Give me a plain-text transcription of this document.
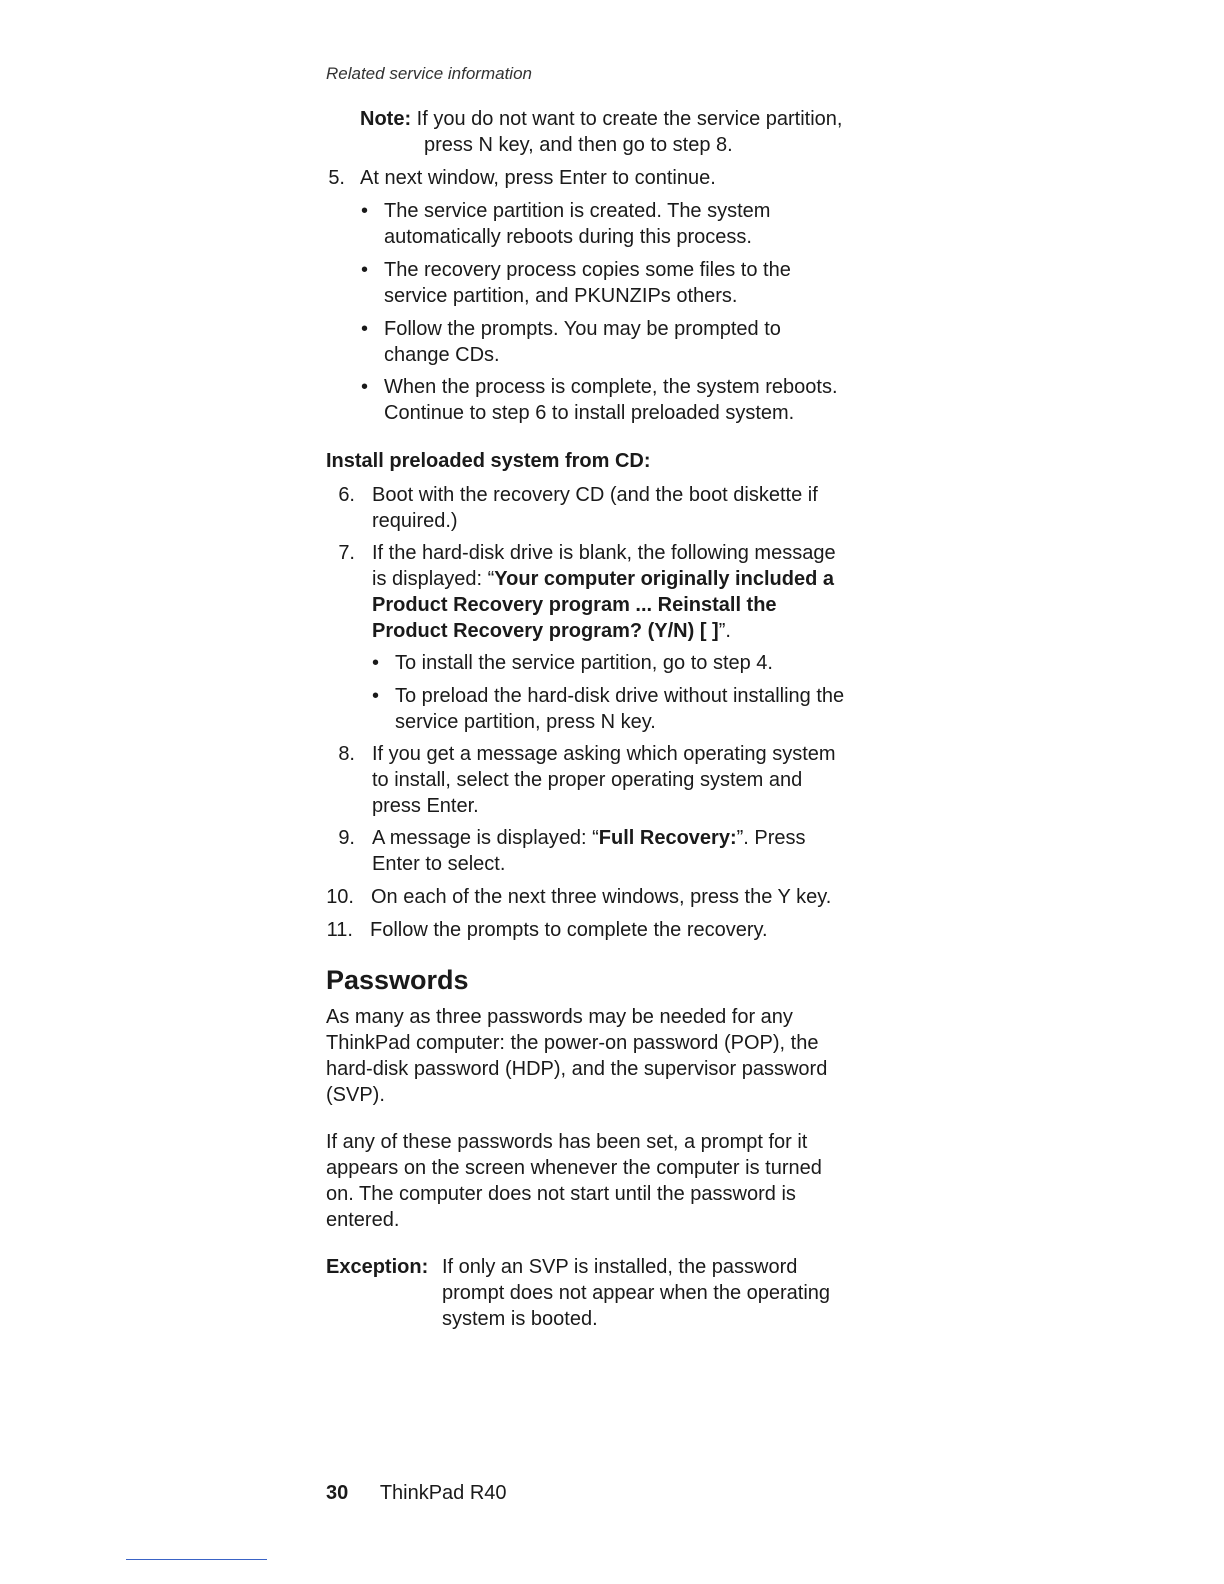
Related service information
Note: If you do not want to create the service partition,
press N key, and then go to step 8.
5. At next window, press Enter to continue.
• The service partition is created. The system
automatically reboots during this process.
• The recovery process copies some files to the
service partition, and PKUNZIPs others.
• Follow the prompts. You may be prompted to
change CDs.
• When the process is complete, the system reboots.
Continue to step 6 to install preloaded system.
Install preloaded system from CD:
6. Boot with the recovery CD (and the boot diskette if
required.)
7. If the hard-disk drive is blank, the following message
is displayed: “Your computer originally included a
Product Recovery program ... Reinstall the
Product Recovery program? (Y/N) [ ]”.
• To install the service partition, go to step 4.
• To preload the hard-disk drive without installing the
service partition, press N key.
8. If you get a message asking which operating system
to install, select the proper operating system and
press Enter.
9. A message is displayed: “Full Recovery:”. Press
Enter to select.
10. On each of the next three windows, press the Y key.
11. Follow the prompts to complete the recovery.
Passwords
As many as three passwords may be needed for any
ThinkPad computer: the power-on password (POP), the
hard-disk password (HDP), and the supervisor password
(SVP).
If any of these passwords has been set, a prompt for it
appears on the screen whenever the computer is turned
on. The computer does not start until the password is
entered.
Exception: If only an SVP is installed, the password
prompt does not appear when the operating
system is booted.
30 ThinkPad R40
